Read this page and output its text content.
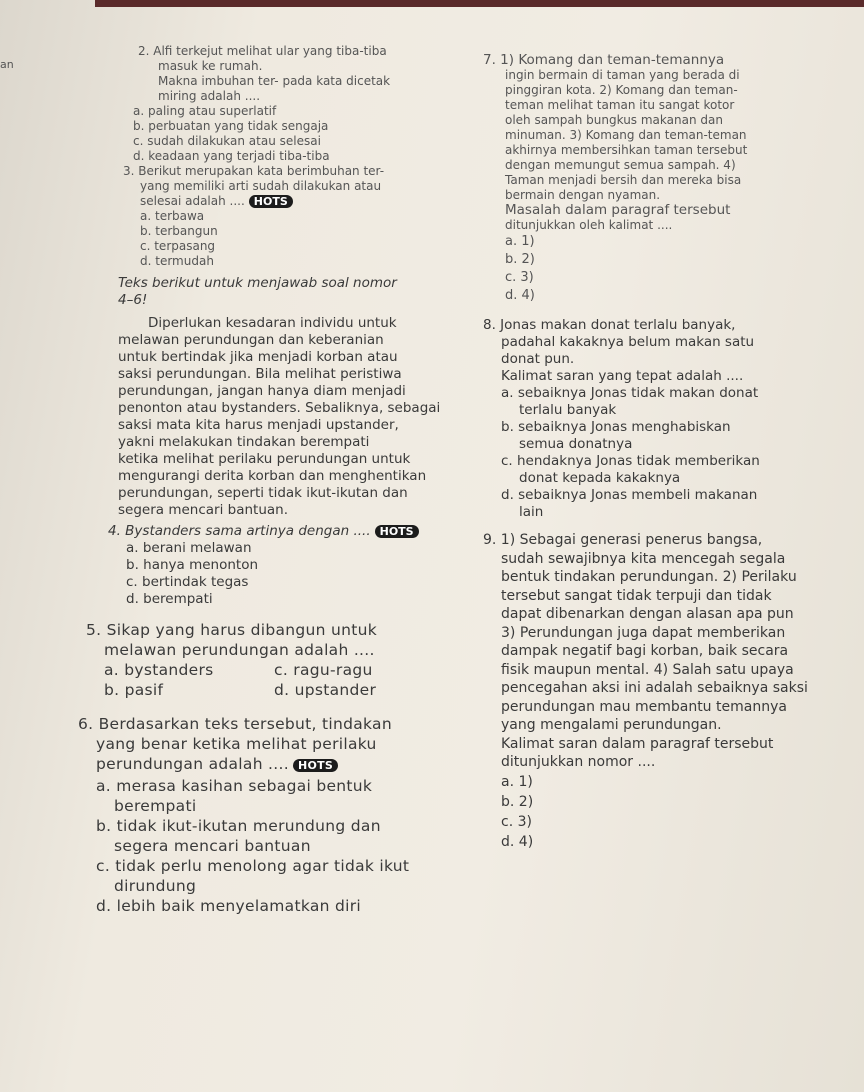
an
2. Alfi terkejut melihat ular yang tiba-tiba
masuk ke rumah.
Makna imbuhan ter- pada kata dicetak
miring adalah ....
a. paling atau superlatif
b. perbuatan yang tidak sengaja
c. sudah dilakukan atau selesai
d. keadaan yang terjadi tiba-tiba
3. Berikut merupakan kata berimbuhan ter-
yang memiliki arti sudah dilakukan atau
selesai adalah .... HOTS
a. terbawa
b. terbangun
c. terpasang
d. termudah
Teks berikut untuk menjawab soal nomor
4–6!
Diperlukan kesadaran individu untuk
melawan perundungan dan keberanian
untuk bertindak jika menjadi korban atau
saksi perundungan. Bila melihat peristiwa
perundungan, jangan hanya diam menjadi
penonton atau bystanders. Sebaliknya, sebagai
saksi mata kita harus menjadi upstander,
yakni melakukan tindakan berempati
ketika melihat perilaku perundungan untuk
mengurangi derita korban dan menghentikan
perundungan, seperti tidak ikut-ikutan dan
segera mencari bantuan.
4. Bystanders sama artinya dengan .... HOTS
a. berani melawan
b. hanya menonton
c. bertindak tegas
d. berempati
5. Sikap yang harus dibangun untuk
melawan perundungan adalah ....
a. bystanders	c. ragu-ragu
b. pasif	d. upstander
6. Berdasarkan teks tersebut, tindakan
yang benar ketika melihat perilaku
perundungan adalah .... HOTS
a. merasa kasihan sebagai bentuk
berempati
b. tidak ikut-ikutan merundung dan
segera mencari bantuan
c. tidak perlu menolong agar tidak ikut
dirundung
d. lebih baik menyelamatkan diri
7. 1) Komang dan teman-temannya
ingin bermain di taman yang berada di
pinggiran kota. 2) Komang dan teman-
teman melihat taman itu sangat kotor
oleh sampah bungkus makanan dan
minuman. 3) Komang dan teman-teman
akhirnya membersihkan taman tersebut
dengan memungut semua sampah. 4)
Taman menjadi bersih dan mereka bisa
bermain dengan nyaman.
Masalah dalam paragraf tersebut
ditunjukkan oleh kalimat ....
a. 1)
b. 2)
c. 3)
d. 4)
8. Jonas makan donat terlalu banyak,
padahal kakaknya belum makan satu
donat pun.
Kalimat saran yang tepat adalah ....
a. sebaiknya Jonas tidak makan donat
terlalu banyak
b. sebaiknya Jonas menghabiskan
semua donatnya
c. hendaknya Jonas tidak memberikan
donat kepada kakaknya
d. sebaiknya Jonas membeli makanan
lain
9. 1) Sebagai generasi penerus bangsa,
sudah sewajibnya kita mencegah segala
bentuk tindakan perundungan. 2) Perilaku
tersebut sangat tidak terpuji dan tidak
dapat dibenarkan dengan alasan apa pun
3) Perundungan juga dapat memberikan
dampak negatif bagi korban, baik secara
fisik maupun mental. 4) Salah satu upaya
pencegahan aksi ini adalah sebaiknya saksi
perundungan mau membantu temannya
yang mengalami perundungan.
Kalimat saran dalam paragraf tersebut
ditunjukkan nomor ....
a. 1)
b. 2)
c. 3)
d. 4)
